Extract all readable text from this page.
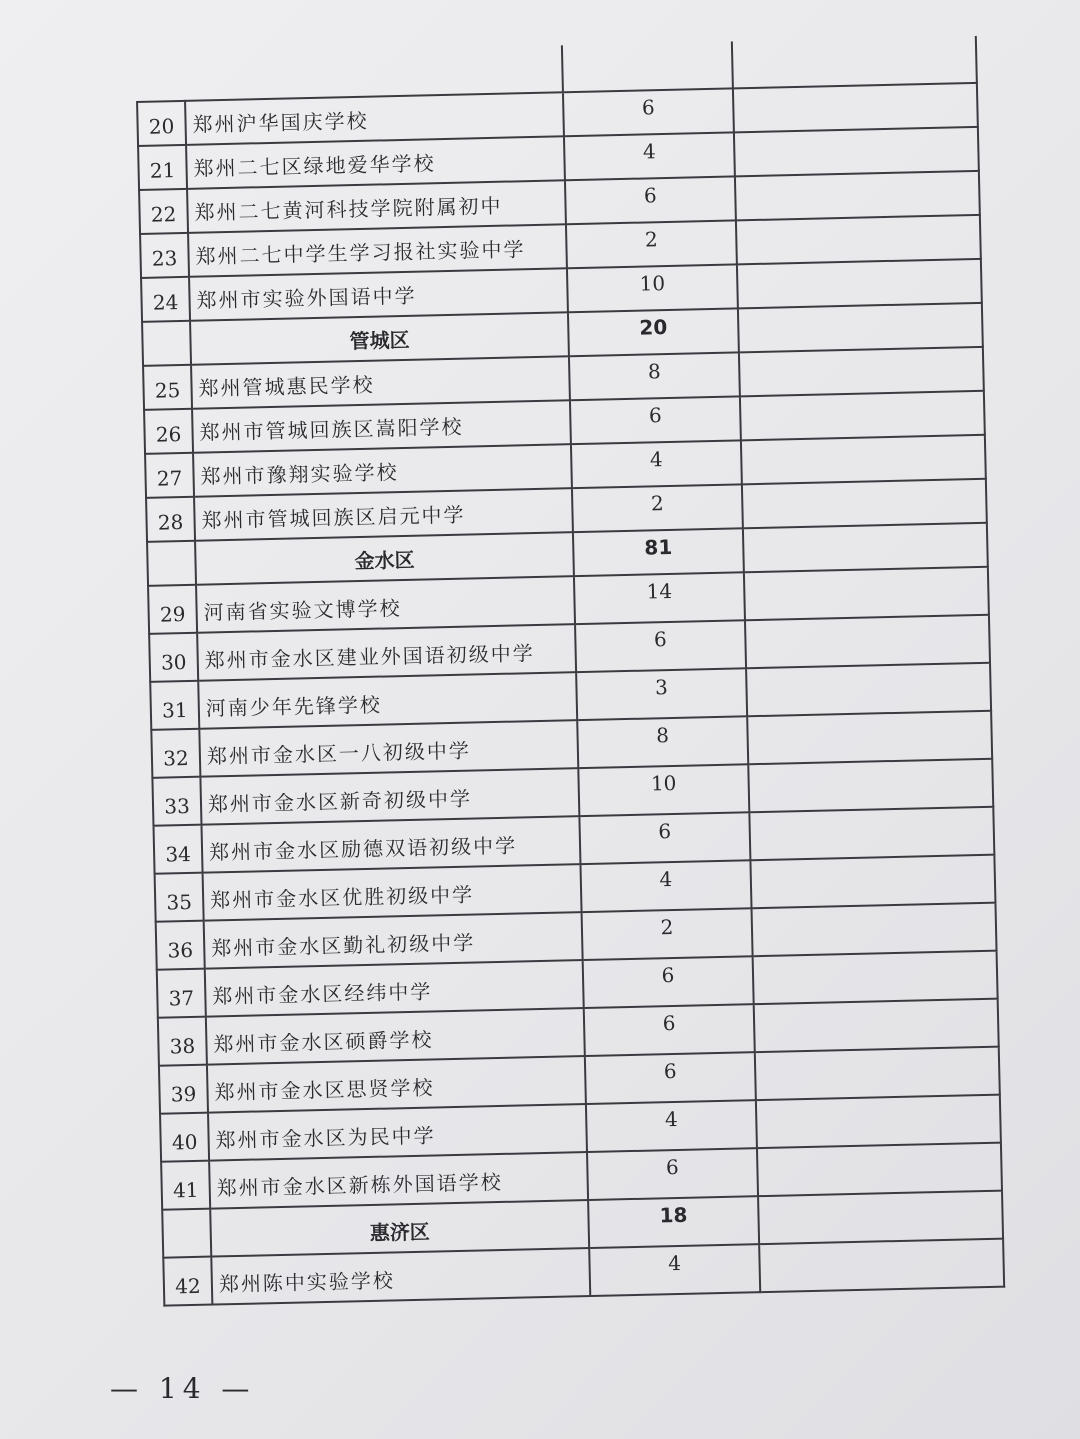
20	郑州沪华国庆学校	6	
21	郑州二七区绿地爱华学校	4	
22	郑州二七黄河科技学院附属初中	6	
23	郑州二七中学生学习报社实验中学	2	
24	郑州市实验外国语中学	10	
	管城区	20	
25	郑州管城惠民学校	8	
26	郑州市管城回族区嵩阳学校	6	
27	郑州市豫翔实验学校	4	
28	郑州市管城回族区启元中学	2	
	金水区	81	
29	河南省实验文博学校	14	
30	郑州市金水区建业外国语初级中学	6	
31	河南少年先锋学校	3	
32	郑州市金水区一八初级中学	8	
33	郑州市金水区新奇初级中学	10	
34	郑州市金水区励德双语初级中学	6	
35	郑州市金水区优胜初级中学	4	
36	郑州市金水区勤礼初级中学	2	
37	郑州市金水区经纬中学	6	
38	郑州市金水区硕爵学校	6	
39	郑州市金水区思贤学校	6	
40	郑州市金水区为民中学	4	
41	郑州市金水区新栋外国语学校	6	
	惠济区	18	
42	郑州陈中实验学校	4	
— 14 —
